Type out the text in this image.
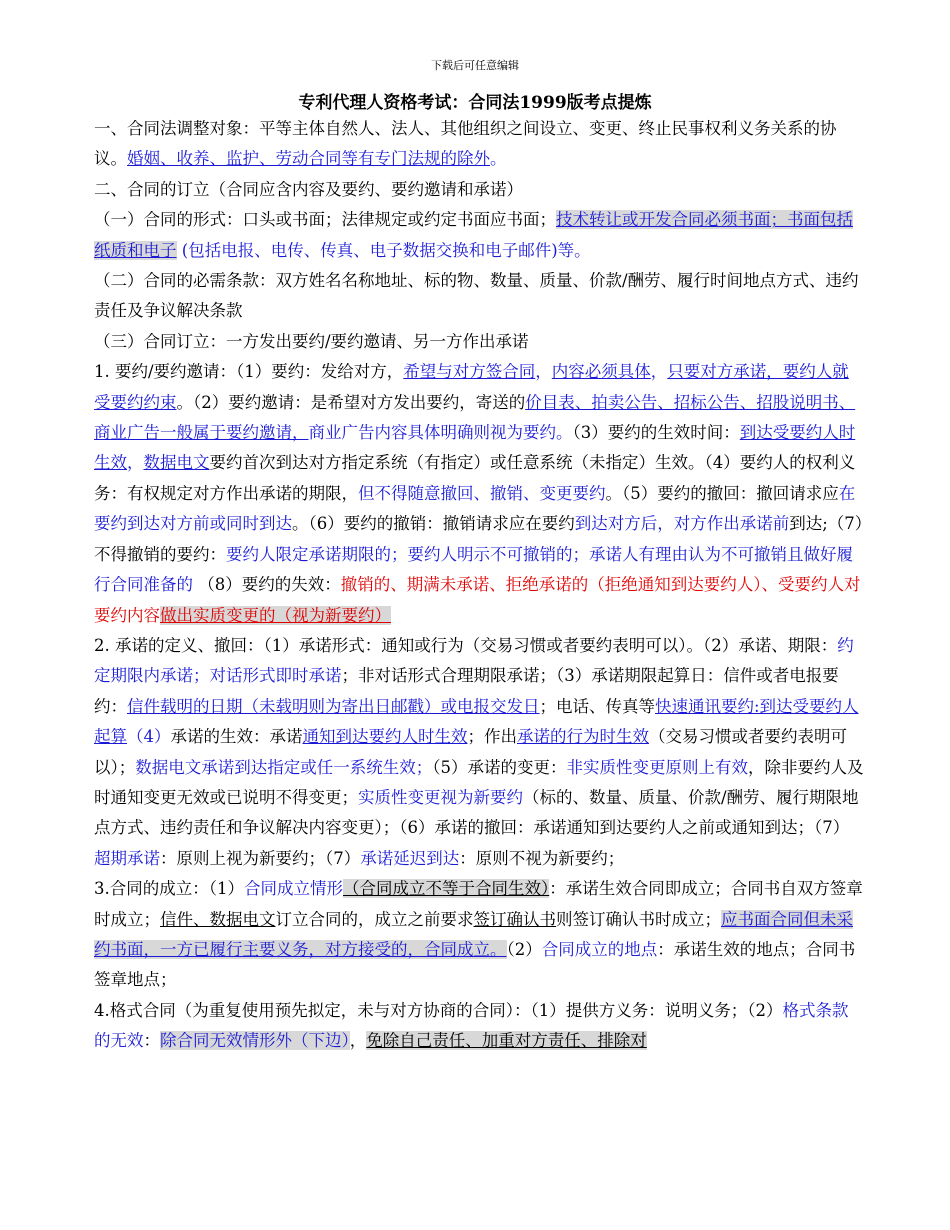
下载后可任意编辑
专利代理人资格考试：合同法1999版考点提炼

一、合同法调整对象：平等主体自然人、法人、其他组织之间设立、变更、终止民事权利义务关系的协议。婚姻、收养、监护、劳动合同等有专门法规的除外。

二、合同的订立（合同应含内容及要约、要约邀请和承诺）

（一）合同的形式：口头或书面；法律规定或约定书面应书面；技术转让或开发合同必须书面；书面包括纸质和电子 (包括电报、电传、传真、电子数据交换和电子邮件)等。

（二）合同的必需条款：双方姓名名称地址、标的物、数量、质量、价款/酬劳、履行时间地点方式、违约责任及争议解决条款

（三）合同订立：一方发出要约/要约邀请、另一方作出承诺

1. 要约/要约邀请：（1）要约：发给对方，希望与对方签合同，内容必须具体，只要对方承诺，要约人就受要约约束。（2）要约邀请：是希望对方发出要约，寄送的价目表、拍卖公告、招标公告、招股说明书、商业广告一般属于要约邀请，商业广告内容具体明确则视为要约。（3）要约的生效时间：到达受要约人时生效，数据电文要约首次到达对方指定系统（有指定）或任意系统（未指定）生效。（4）要约人的权利义务：有权规定对方作出承诺的期限，但不得随意撤回、撤销、变更要约。（5）要约的撤回：撤回请求应在要约到达对方前或同时到达。（6）要约的撤销：撤销请求应在要约到达对方后，对方作出承诺前到达;（7）不得撤销的要约：要约人限定承诺期限的；要约人明示不可撤销的；承诺人有理由认为不可撤销且做好履行合同准备的 （8）要约的失效：撤销的、期满未承诺、拒绝承诺的（拒绝通知到达要约人）、受要约人对要约内容做出实质变更的（视为新要约）

2. 承诺的定义、撤回：（1）承诺形式：通知或行为（交易习惯或者要约表明可以）。（2）承诺、期限：约定期限内承诺；对话形式即时承诺；非对话形式合理期限承诺；（3）承诺期限起算日：信件或者电报要约：信件载明的日期（未载明则为寄出日邮戳）或电报交发日；电话、传真等快速通讯要约:到达受要约人起算（4）承诺的生效：承诺通知到达要约人时生效；作出承诺的行为时生效（交易习惯或者要约表明可以）；数据电文承诺到达指定或任一系统生效；（5）承诺的变更：非实质性变更原则上有效，除非要约人及时通知变更无效或已说明不得变更；实质性变更视为新要约（标的、数量、质量、价款/酬劳、履行期限地点方式、违约责任和争议解决内容变更）；（6）承诺的撤回：承诺通知到达要约人之前或通知到达；（7）超期承诺：原则上视为新要约；（7）承诺延迟到达：原则不视为新要约；

3.合同的成立：（1）合同成立情形（合同成立不等于合同生效）：承诺生效合同即成立；合同书自双方签章时成立；信件、数据电文订立合同的，成立之前要求签订确认书则签订确认书时成立；应书面合同但未采约书面，一方已履行主要义务，对方接受的，合同成立。（2）合同成立的地点：承诺生效的地点；合同书签章地点；

4.格式合同（为重复使用预先拟定，未与对方协商的合同）：（1）提供方义务：说明义务；（2）格式条款的无效：除合同无效情形外（下边），免除自己责任、加重对方责任、排除对
